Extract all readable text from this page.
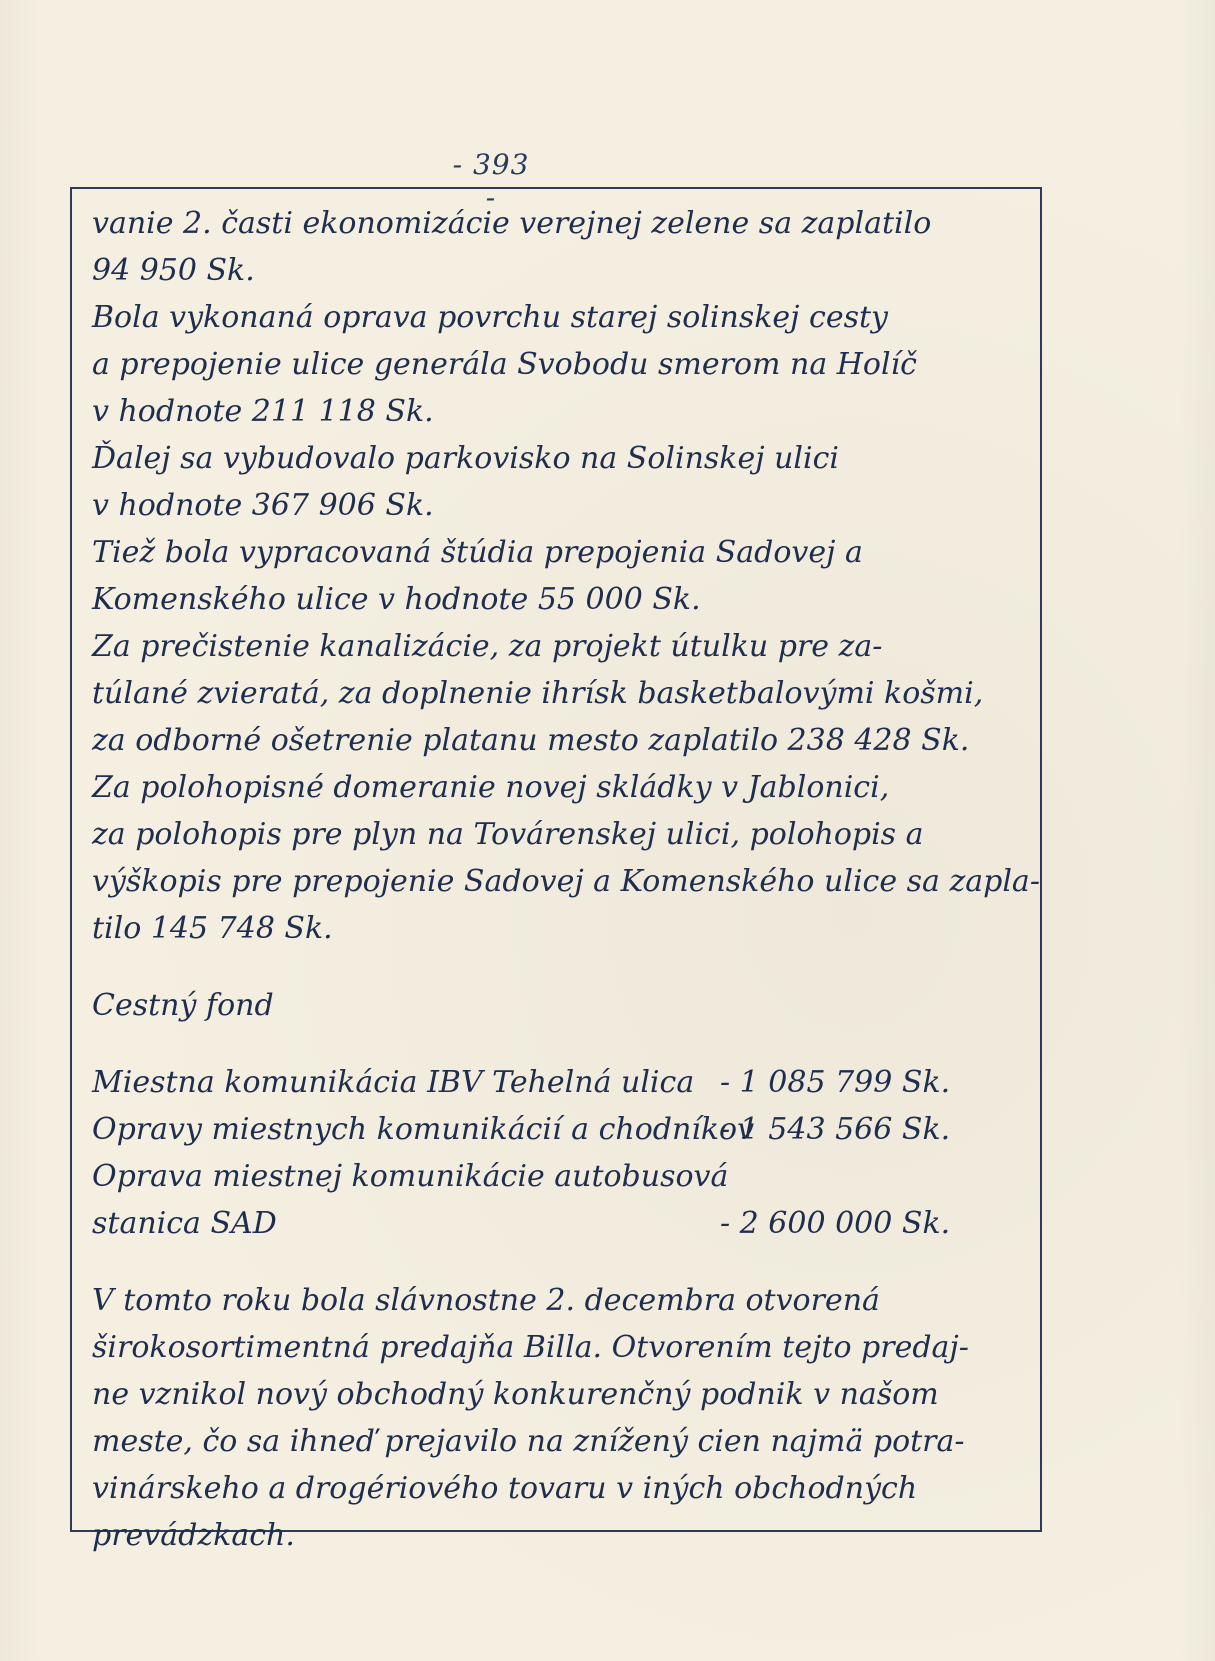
- 393 -
vanie 2. časti ekonomizácie verejnej zelene sa zaplatilo
94 950 Sk.
Bola vykonaná oprava povrchu starej solinskej cesty
a prepojenie ulice generála Svobodu smerom na Holíč
v hodnote 211 118 Sk.
Ďalej sa vybudovalo parkovisko na Solinskej ulici
v hodnote 367 906 Sk.
Tiež bola vypracovaná štúdia prepojenia Sadovej a
Komenského ulice v hodnote 55 000 Sk.
Za prečistenie kanalizácie, za projekt útulku pre za-
túlané zvieratá, za doplnenie ihrísk basketbalovými košmi,
za odborné ošetrenie platanu mesto zaplatilo 238 428 Sk.
Za polohopisné domeranie novej skládky v Jablonici,
za polohopis pre plyn na Továrenskej ulici, polohopis a
výškopis pre prepojenie Sadovej a Komenského ulice sa zapla-
tilo 145 748 Sk.
Cestný fond
Miestna komunikácia IBV Tehelná ulica - 1 085 799 Sk.
Opravy miestnych komunikácií a chodníkov
- 1 543 566 Sk.
Oprava miestnej komunikácie autobusová
stanica SAD	- 2 600 000 Sk.
V tomto roku bola slávnostne 2. decembra otvorená
širokosortimentná predajňa Billa. Otvorením tejto predaj-
ne vznikol nový obchodný konkurenčný podnik v našom
meste, čo sa ihneď prejavilo na znížený cien najmä potra-
vinárskeho a drogériového tovaru v iných obchodných
prevádzkach.
